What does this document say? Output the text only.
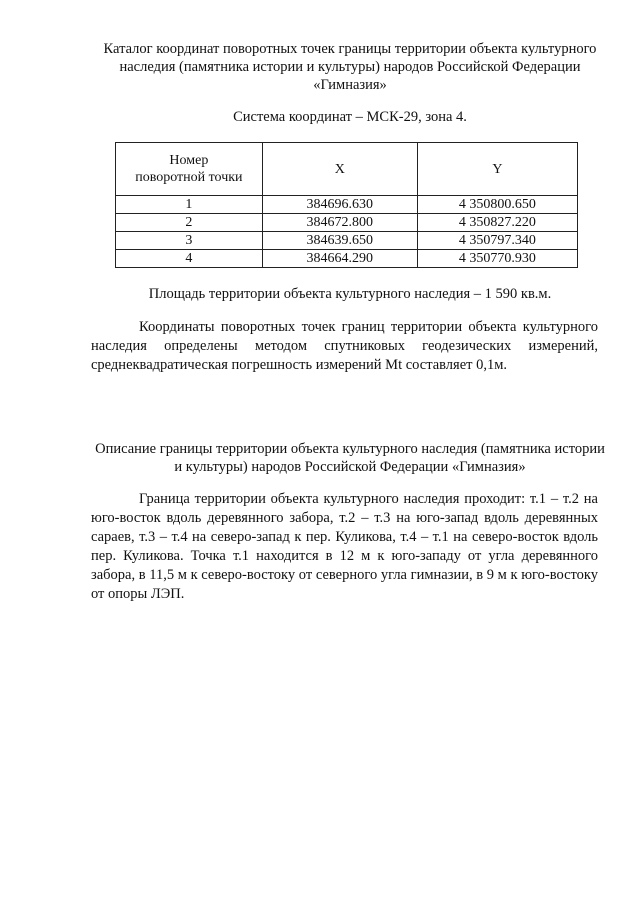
Каталог координат поворотных точек границы территории объекта культурного наследия (памятника истории и культуры) народов Российской Федерации «Гимназия»
Система координат – МСК-29, зона 4.
Номер поворотной точки	X	Y
1	384696.630	4 350800.650
2	384672.800	4 350827.220
3	384639.650	4 350797.340
4	384664.290	4 350770.930
Площадь территории объекта культурного наследия – 1 590 кв.м.

Координаты поворотных точек границ территории объекта культурного наследия определены методом спутниковых геодезических измерений, среднеквадратическая погрешность измерений Mt составляет 0,1м.

Описание границы территории объекта культурного наследия (памятника истории и культуры) народов Российской Федерации «Гимназия»

Граница территории объекта культурного наследия проходит: т.1 – т.2 на юго-восток вдоль деревянного забора, т.2 – т.3 на юго-запад вдоль деревянных сараев, т.3 – т.4 на северо-запад к пер. Куликова, т.4 – т.1 на северо-восток вдоль пер. Куликова. Точка т.1 находится в 12 м к юго-западу от угла деревянного забора, в 11,5 м к северо-востоку от северного угла гимназии, в 9 м к юго-востоку от опоры ЛЭП.
